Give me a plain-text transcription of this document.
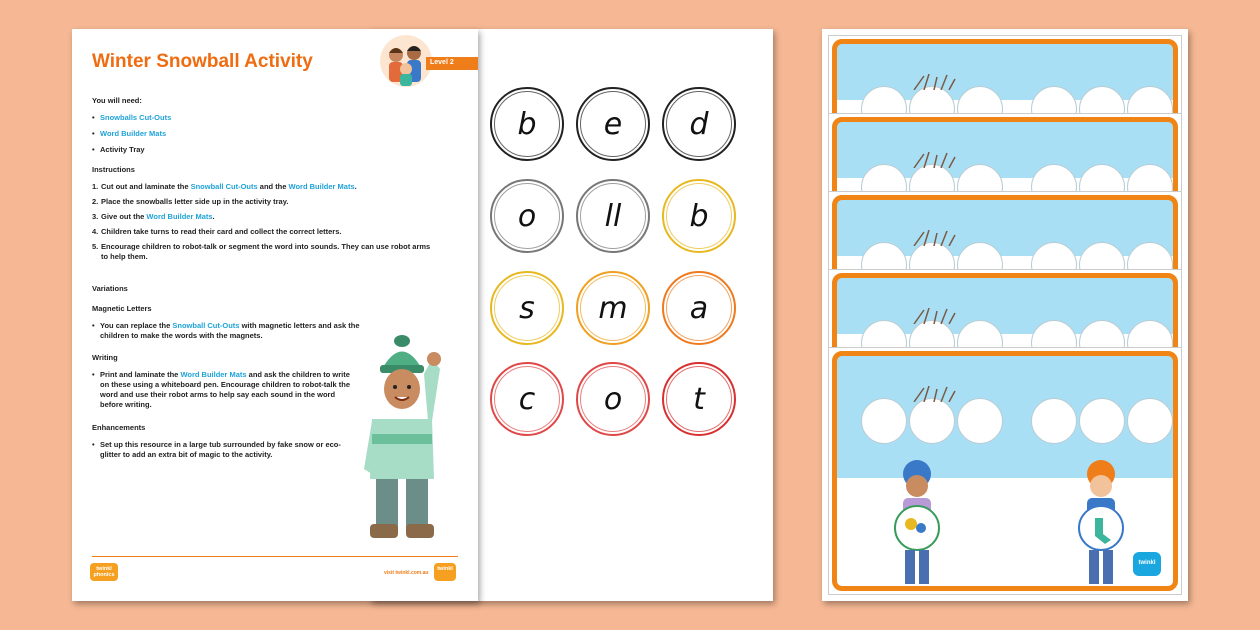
b e d
o ll b
s m a
c o t
Level 2
Winter Snowball Activity
You will need:
• Snowballs Cut-Outs
• Word Builder Mats
• Activity Tray
Instructions
1. Cut out and laminate the Snowball Cut-Outs and the Word Builder Mats.
2. Place the snowballs letter side up in the activity tray.
3. Give out the Word Builder Mats.
4. Children take turns to read their card and collect the correct letters.
5. Encourage children to robot-talk or segment the word into sounds. They can use robot arms to help them.
Variations
Magnetic Letters
• You can replace the Snowball Cut-Outs with magnetic letters and ask the children to make the words with the magnets.
Writing
• Print and laminate the Word Builder Mats and ask the children to write on these using a whiteboard pen. Encourage children to robot-talk the word and use their robot arms to help say each sound in the word before writing.
Enhancements
• Set up this resource in a large tub surrounded by fake snow or eco-glitter to add an extra bit of magic to the activity.
twinkl phonics	visit twinkl.com.au
twinkl
twinkl
